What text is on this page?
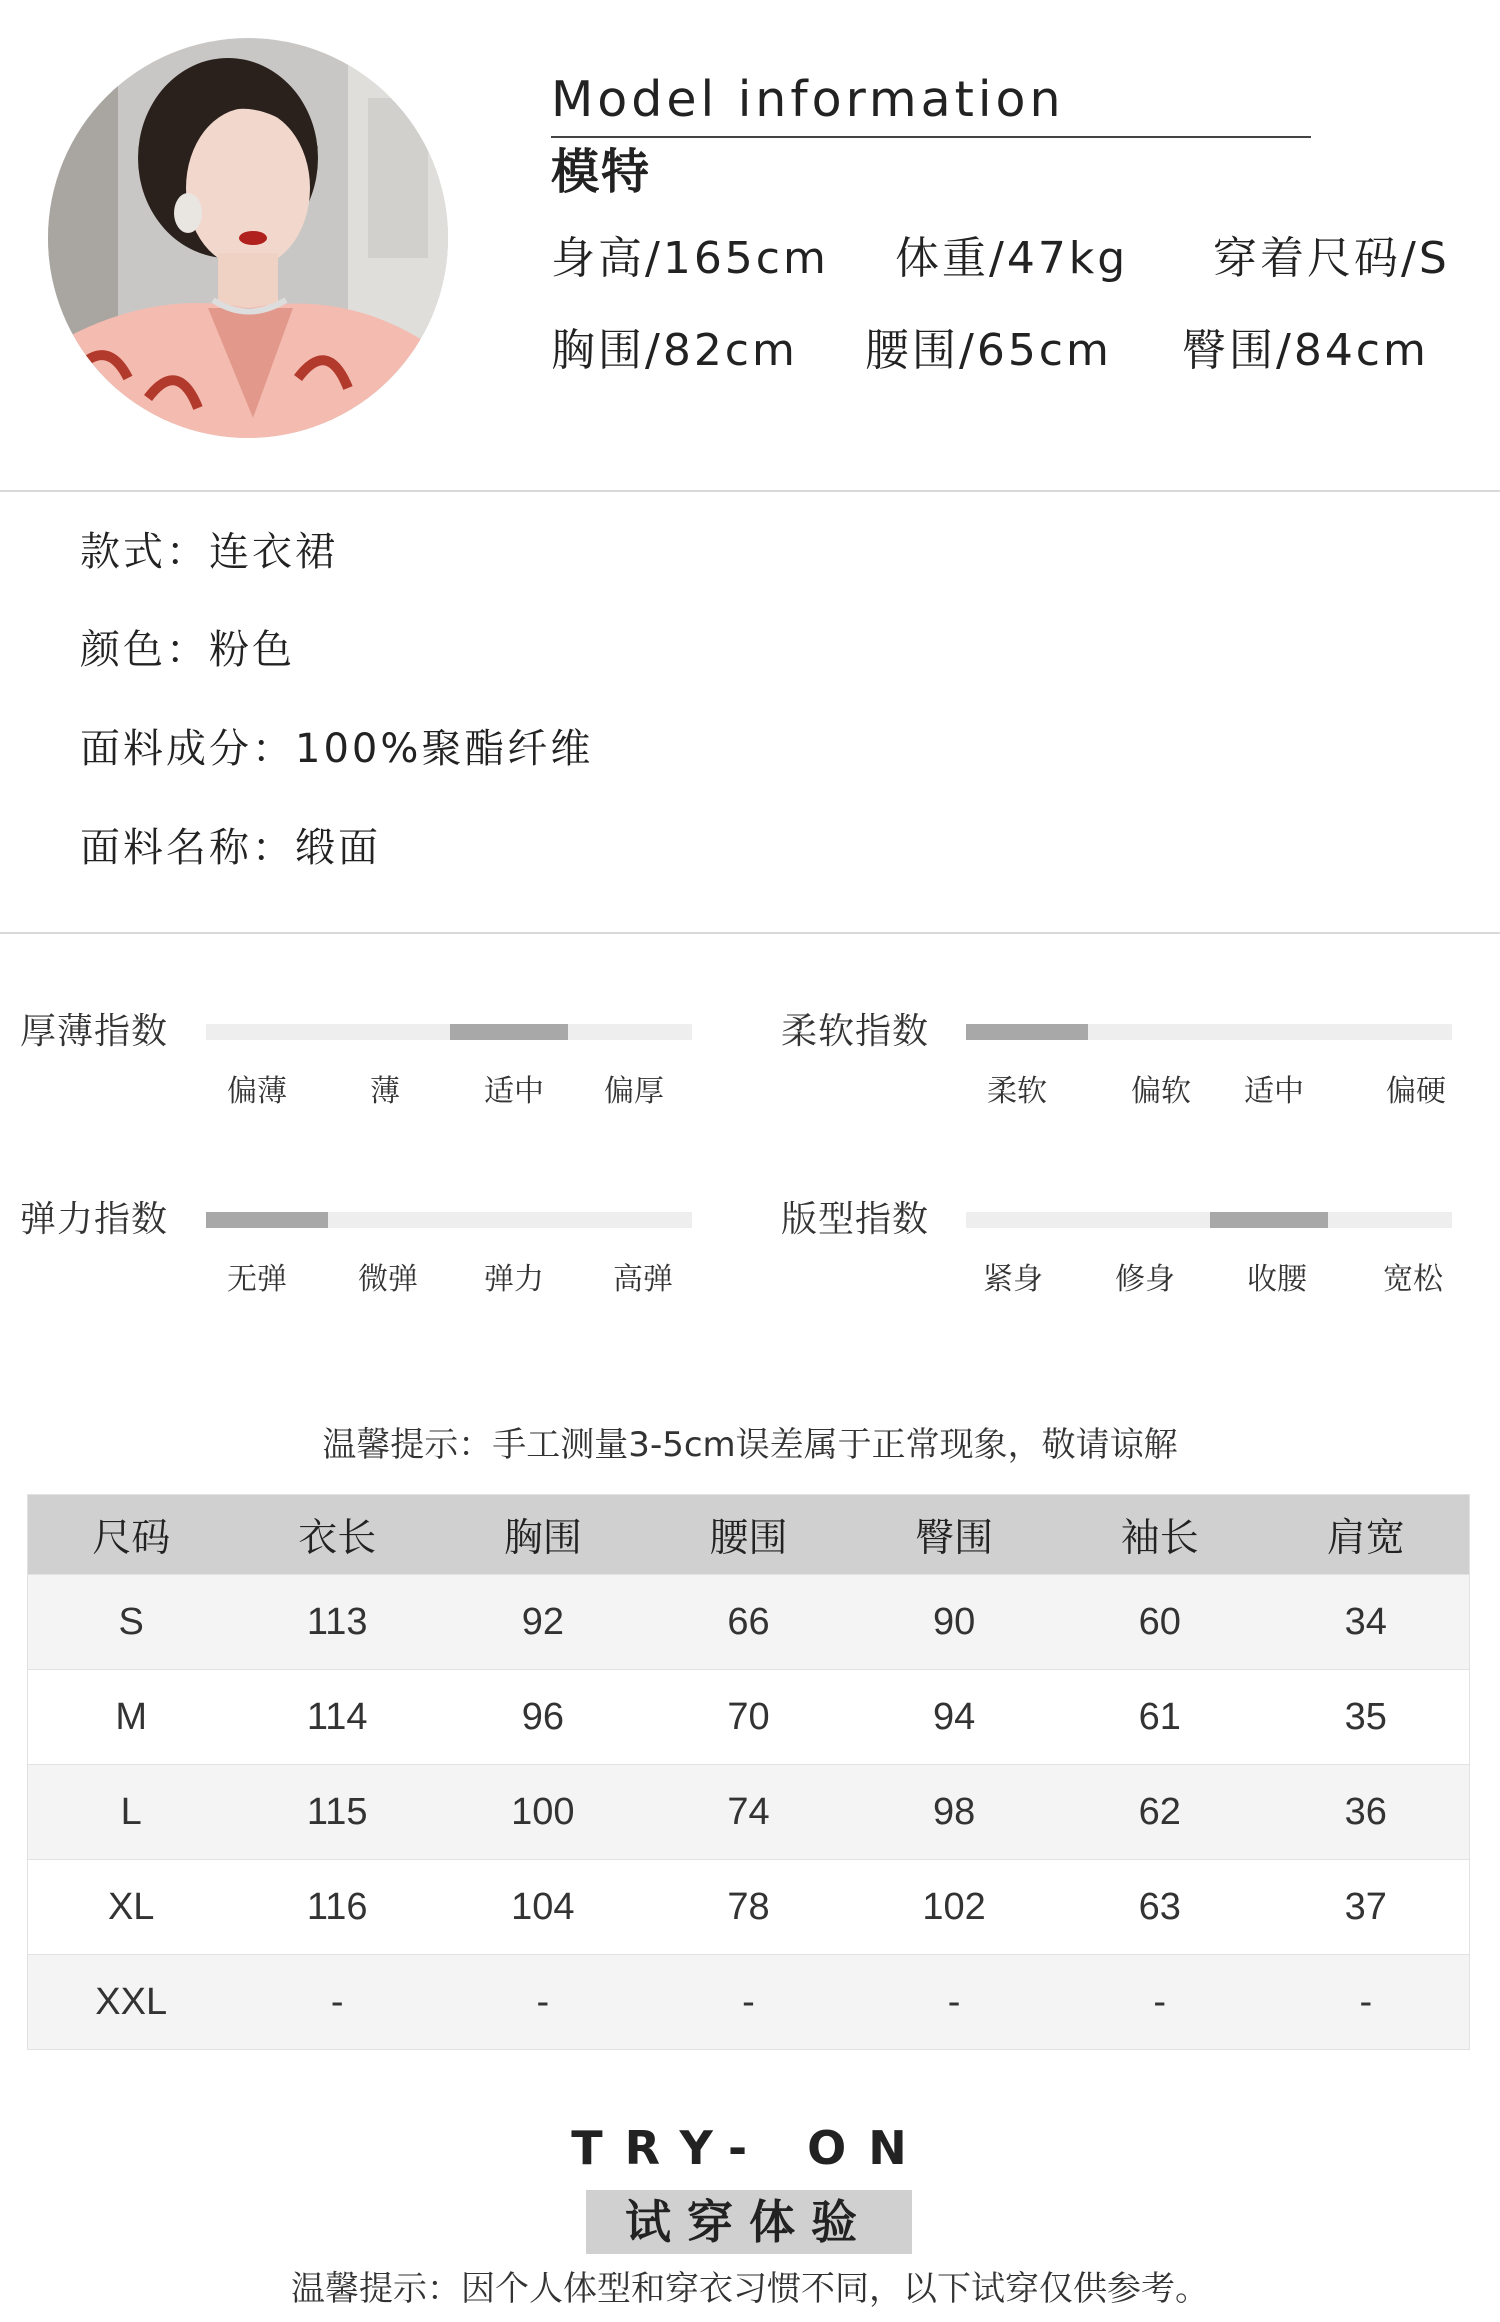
Model information
模特
身高/165cm 体重/47kg 穿着尺码/S
胸围/82cm 腰围/65cm 臀围/84cm
款式：连衣裙
颜色：粉色
面料成分：100%聚酯纤维
面料名称：缎面
厚薄指数
偏薄	薄	适中 偏厚
柔软指数
柔软	偏软 适中	偏硬
弹力指数
无弹 微弹 弹力 高弹
版型指数
紧身 修身 收腰	宽松
温馨提示：手工测量3-5cm误差属于正常现象，敬请谅解
尺码	衣长	胸围	腰围	臀围	袖长	肩宽
S	113	92	66	90	60	34
M	114	96	70	94	61	35
L	115	100	74	98	62	36
XL	116	104	78	102	63	37
XXL	-	-	-	-	-	-
TRY- ON
试穿体验
温馨提示：因个人体型和穿衣习惯不同，以下试穿仅供参考。
